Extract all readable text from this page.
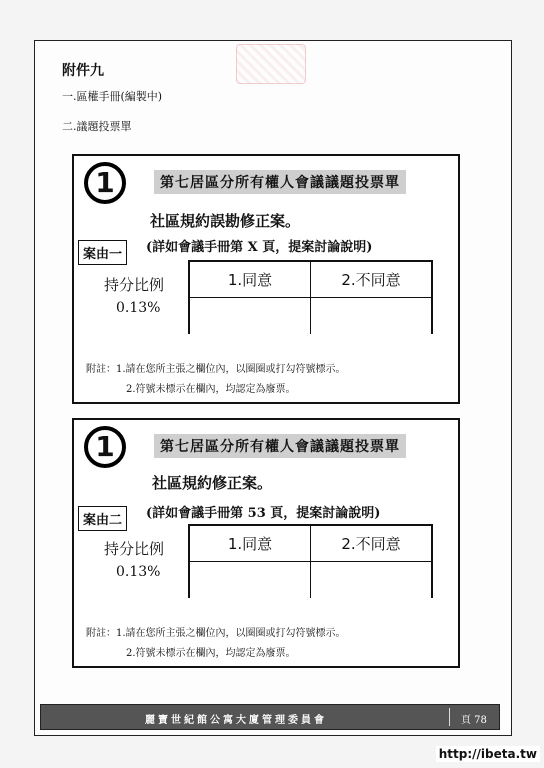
附件九
一.區權手冊(編製中)
二.議題投票單
1	第七居區分所有權人會議議題投票單
社區規約誤勘修正案。
案由一	(詳如會議手冊第 X 頁，提案討論說明)
持分比例
0.13%
1.同意	2.不同意

附註：1.請在您所主張之欄位內，以圈圈或打勾符號標示。
2.符號未標示在欄內，均認定為廢票。
1	第七居區分所有權人會議議題投票單
社區規約修正案。
案由二	(詳如會議手冊第 53 頁，提案討論說明)
持分比例
0.13%
1.同意	2.不同意

附註：1.請在您所主張之欄位內，以圈圈或打勾符號標示。
2.符號未標示在欄內，均認定為廢票。
麗寶世紀館公寓大廈管理委員會	頁 78
http://ibeta.tw
